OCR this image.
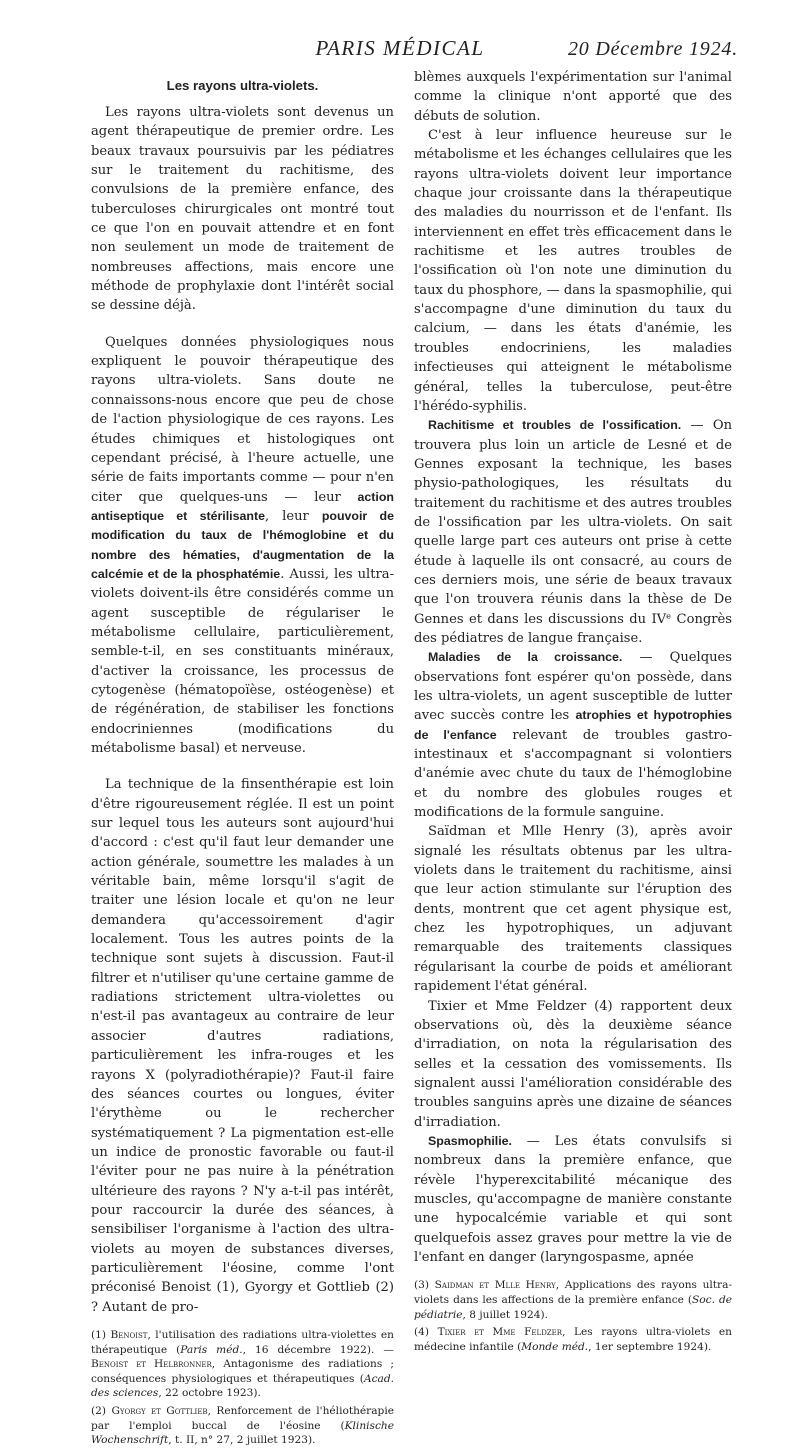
PARIS MÉDICAL	20 Décembre 1924.
Les rayons ultra-violets.

Les rayons ultra-violets sont devenus un agent thérapeutique de premier ordre. Les beaux travaux poursuivis par les pédiatres sur le traitement du rachitisme, des convulsions de la première enfance, des tuberculoses chirurgicales ont montré tout ce que l'on en pouvait attendre et en font non seulement un mode de traitement de nombreuses affections, mais encore une méthode de prophylaxie dont l'intérêt social se dessine déjà.

Quelques données physiologiques nous expliquent le pouvoir thérapeutique des rayons ultra-violets. Sans doute ne connaissons-nous encore que peu de chose de l'action physiologique de ces rayons. Les études chimiques et histologiques ont cependant précisé, à l'heure actuelle, une série de faits importants comme — pour n'en citer que quelques-uns — leur action antiseptique et stérilisante, leur pouvoir de modification du taux de l'hémoglobine et du nombre des hématies, d'augmentation de la calcémie et de la phosphatémie. Aussi, les ultra-violets doivent-ils être considérés comme un agent susceptible de régulariser le métabolisme cellulaire, particulièrement, semble-t-il, en ses constituants minéraux, d'activer la croissance, les processus de cytogenèse (hématopoïèse, ostéogenèse) et de régénération, de stabiliser les fonctions endocriniennes (modifications du métabolisme basal) et nerveuse.

La technique de la finsenthérapie est loin d'être rigoureusement réglée. Il est un point sur lequel tous les auteurs sont aujourd'hui d'accord : c'est qu'il faut leur demander une action générale, soumettre les malades à un véritable bain, même lorsqu'il s'agit de traiter une lésion locale et qu'on ne leur demandera qu'accessoirement d'agir localement. Tous les autres points de la technique sont sujets à discussion. Faut-il filtrer et n'utiliser qu'une certaine gamme de radiations strictement ultra-violettes ou n'est-il pas avantageux au contraire de leur associer d'autres radiations, particulièrement les infra-rouges et les rayons X (polyradiothérapie)? Faut-il faire des séances courtes ou longues, éviter l'érythème ou le rechercher systématiquement ? La pigmentation est-elle un indice de pronostic favorable ou faut-il l'éviter pour ne pas nuire à la pénétration ultérieure des rayons ? N'y a-t-il pas intérêt, pour raccourcir la durée des séances, à sensibiliser l'organisme à l'action des ultra-violets au moyen de substances diverses, particulièrement l'éosine, comme l'ont préconisé Benoist (1), Gyorgy et Gottlieb (2) ? Autant de pro-

(1) Benoist, l'utilisation des radiations ultra-violettes en thérapeutique (Paris méd., 16 décembre 1922). — Benoist et Helbronner, Antagonisme des radiations ; conséquences physiologiques et thérapeutiques (Acad. des sciences, 22 octobre 1923).

(2) Gyorgy et Gottlieb, Renforcement de l'héliothérapie par l'emploi buccal de l'éosine (Klinische Wochenschrift, t. II, n° 27, 2 juillet 1923).

blèmes auxquels l'expérimentation sur l'animal comme la clinique n'ont apporté que des débuts de solution.

C'est à leur influence heureuse sur le métabolisme et les échanges cellulaires que les rayons ultra-violets doivent leur importance chaque jour croissante dans la thérapeutique des maladies du nourrisson et de l'enfant. Ils interviennent en effet très efficacement dans le rachitisme et les autres troubles de l'ossification où l'on note une diminution du taux du phosphore, — dans la spasmophilie, qui s'accompagne d'une diminution du taux du calcium, — dans les états d'anémie, les troubles endocriniens, les maladies infectieuses qui atteignent le métabolisme général, telles la tuberculose, peut-être l'hérédo-syphilis.

Rachitisme et troubles de l'ossification. — On trouvera plus loin un article de Lesné et de Gennes exposant la technique, les bases physio-pathologiques, les résultats du traitement du rachitisme et des autres troubles de l'ossification par les ultra-violets. On sait quelle large part ces auteurs ont prise à cette étude à laquelle ils ont consacré, au cours de ces derniers mois, une série de beaux travaux que l'on trouvera réunis dans la thèse de De Gennes et dans les discussions du IVᵉ Congrès des pédiatres de langue française.

Maladies de la croissance. — Quelques observations font espérer qu'on possède, dans les ultra-violets, un agent susceptible de lutter avec succès contre les atrophies et hypotrophies de l'enfance relevant de troubles gastro-intestinaux et s'accompagnant si volontiers d'anémie avec chute du taux de l'hémoglobine et du nombre des globules rouges et modifications de la formule sanguine.

Saïdman et Mlle Henry (3), après avoir signalé les résultats obtenus par les ultra-violets dans le traitement du rachitisme, ainsi que leur action stimulante sur l'éruption des dents, montrent que cet agent physique est, chez les hypotrophiques, un adjuvant remarquable des traitements classiques régularisant la courbe de poids et améliorant rapidement l'état général.

Tixier et Mme Feldzer (4) rapportent deux observations où, dès la deuxième séance d'irradiation, on nota la régularisation des selles et la cessation des vomissements. Ils signalent aussi l'amélioration considérable des troubles sanguins après une dizaine de séances d'irradiation.

Spasmophilie. — Les états convulsifs si nombreux dans la première enfance, que révèle l'hyperexcitabilité mécanique des muscles, qu'accompagne de manière constante une hypocalcémie variable et qui sont quelquefois assez graves pour mettre la vie de l'enfant en danger (laryngospasme, apnée

(3) Saidman et Mlle Henry, Applications des rayons ultra-violets dans les affections de la première enfance (Soc. de pédiatrie, 8 juillet 1924).

(4) Tixier et Mme Feldzer, Les rayons ultra-violets en médecine infantile (Monde méd., 1er septembre 1924).
